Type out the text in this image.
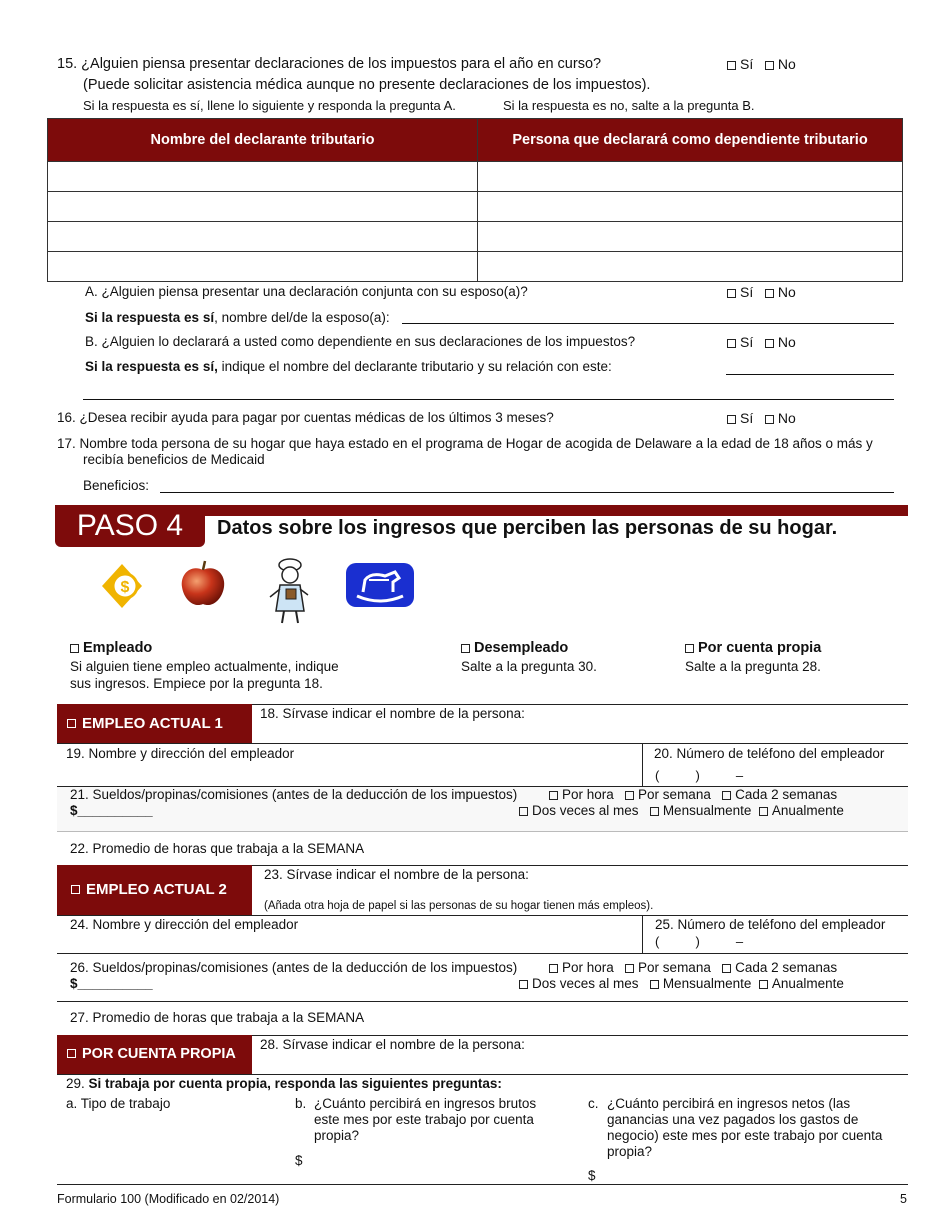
15. ¿Alguien piensa presentar declaraciones de los impuestos para el año en curso?	Sí No
(Puede solicitar asistencia médica aunque no presente declaraciones de los impuestos).
Si la respuesta es sí, llene lo siguiente y responda la pregunta A.	Si la respuesta es no, salte a la pregunta B.
Nombre del declarante tributario	Persona que declarará como dependiente tributario

A. ¿Alguien piensa presentar una declaración conjunta con su esposo(a)?	Sí No
Si la respuesta es sí, nombre del/de la esposo(a):
B. ¿Alguien lo declarará a usted como dependiente en sus declaraciones de los impuestos?	Sí No
Si la respuesta es sí, indique el nombre del declarante tributario y su relación con este:
16. ¿Desea recibir ayuda para pagar por cuentas médicas de los últimos 3 meses?	Sí No
17. Nombre toda persona de su hogar que haya estado en el programa de Hogar de acogida de Delaware a la edad de 18 años o más y
recibía beneficios de Medicaid
Beneficios:
PASO 4	Datos sobre los ingresos que perciben las personas de su hogar.
$
Empleado
Si alguien tiene empleo actualmente, indique
sus ingresos. Empiece por la pregunta 18.
Desempleado
Salte a la pregunta 30.
Por cuenta propia
Salte a la pregunta 28.
EMPLEO ACTUAL 1
18. Sírvase indicar el nombre de la persona:
19. Nombre y dirección del empleador	20. Número de teléfono del empleador
(          )          –
21. Sueldos/propinas/comisiones (antes de la deducción de los impuestos)
$__________
Por hora Por semana Cada 2 semanas
Dos veces al mes Mensualmente Anualmente
22. Promedio de horas que trabaja a la SEMANA
EMPLEO ACTUAL 2
23. Sírvase indicar el nombre de la persona:
(Añada otra hoja de papel si las personas de su hogar tienen más empleos).
24. Nombre y dirección del empleador	25. Número de teléfono del empleador
(          )          –
26. Sueldos/propinas/comisiones (antes de la deducción de los impuestos)
$__________
Por hora Por semana Cada 2 semanas
Dos veces al mes Mensualmente Anualmente
27. Promedio de horas que trabaja a la SEMANA
POR CUENTA PROPIA
28. Sírvase indicar el nombre de la persona:
29. Si trabaja por cuenta propia, responda las siguientes preguntas:
a. Tipo de trabajo	b. ¿Cuánto percibirá en ingresos brutos
este mes por este trabajo por cuenta
propia?
$
c. ¿Cuánto percibirá en ingresos netos (las
ganancias una vez pagados los gastos de
negocio) este mes por este trabajo por cuenta
propia?
$
Formulario 100 (Modificado en 02/2014)	5
